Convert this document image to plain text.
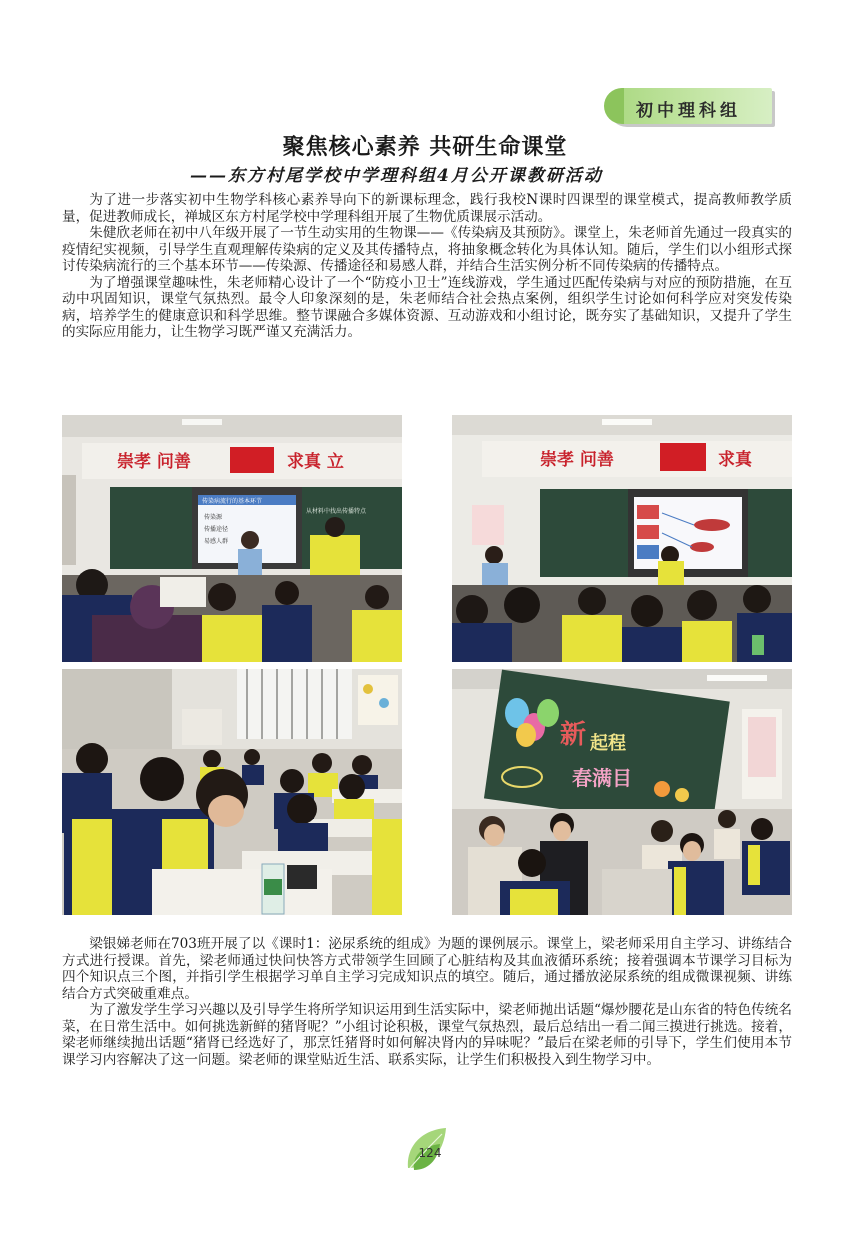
初中理科组
聚焦核心素养 共研生命课堂
——东方村尾学校中学理科组4月公开课教研活动

为了进一步落实初中生物学科核心素养导向下的新课标理念，践行我校N课时四课型的课堂模式，提高教师教学质量，促进教师成长，禅城区东方村尾学校中学理科组开展了生物优质课展示活动。

朱健欣老师在初中八年级开展了一节生动实用的生物课——《传染病及其预防》。课堂上，朱老师首先通过一段真实的疫情纪实视频，引导学生直观理解传染病的定义及其传播特点，将抽象概念转化为具体认知。随后，学生们以小组形式探讨传染病流行的三个基本环节——传染源、传播途径和易感人群，并结合生活实例分析不同传染病的传播特点。

为了增强课堂趣味性，朱老师精心设计了一个“防疫小卫士”连线游戏，学生通过匹配传染病与对应的预防措施，在互动中巩固知识，课堂气氛热烈。最令人印象深刻的是，朱老师结合社会热点案例，组织学生讨论如何科学应对突发传染病，培养学生的健康意识和科学思维。整节课融合多媒体资源、互动游戏和小组讨论，既夯实了基础知识，又提升了学生的实际应用能力，让生物学习既严谨又充满活力。

崇孝 问善	求真 立
传染病流行的基本环节
传染源
传播途径
易感人群
从材料中找出传播特点
崇孝 问善	求真
新 起程
春满目

梁银娣老师在703班开展了以《课时1：泌尿系统的组成》为题的课例展示。课堂上，梁老师采用自主学习、讲练结合方式进行授课。首先，梁老师通过快问快答方式带领学生回顾了心脏结构及其血液循环系统；接着强调本节课学习目标为四个知识点三个图，并指引学生根据学习单自主学习完成知识点的填空。随后，通过播放泌尿系统的组成微课视频、讲练结合方式突破重难点。

为了激发学生学习兴趣以及引导学生将所学知识运用到生活实际中，梁老师抛出话题“爆炒腰花是山东省的特色传统名菜，在日常生活中。如何挑选新鲜的猪肾呢？”小组讨论积极，课堂气氛热烈，最后总结出一看二闻三摸进行挑选。接着，梁老师继续抛出话题“猪肾已经选好了，那烹饪猪肾时如何解决肾内的异味呢？”最后在梁老师的引导下，学生们使用本节课学习内容解决了这一问题。梁老师的课堂贴近生活、联系实际，让学生们积极投入到生物学习中。

124
